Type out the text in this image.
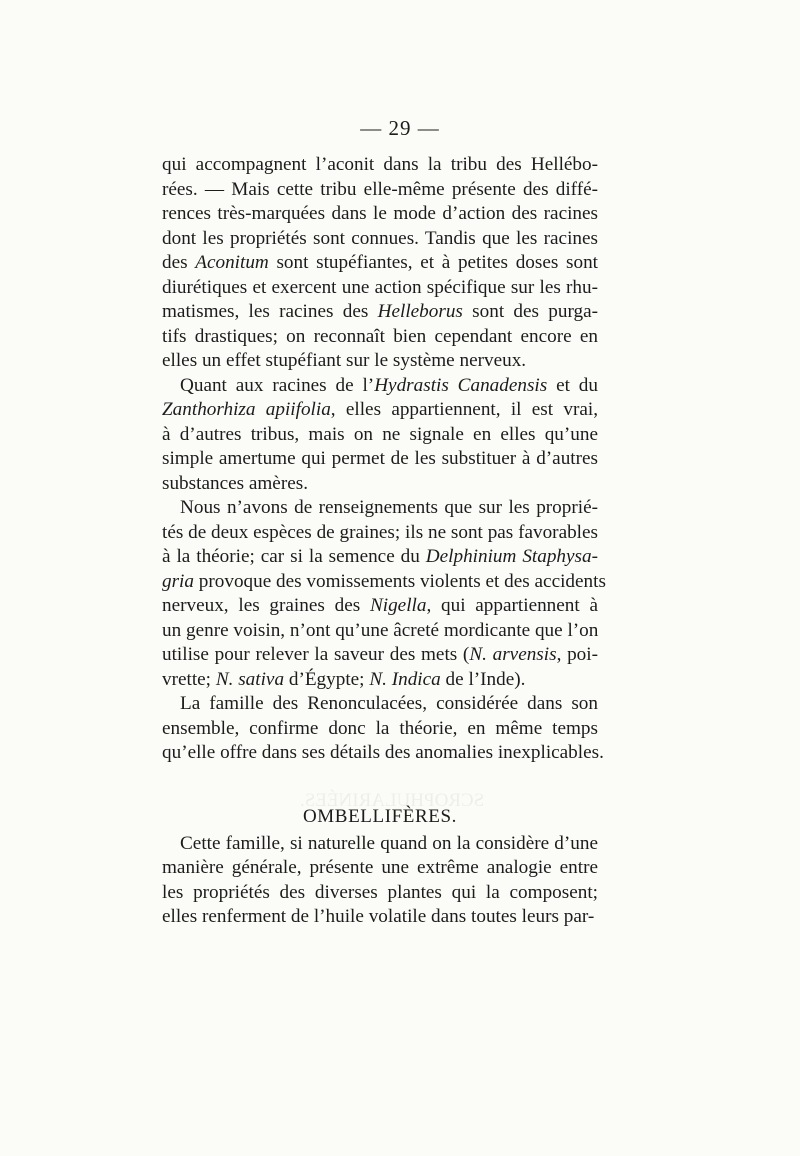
SCROPHULARINÉES.
— 29 —
qui accompagnent l’aconit dans la tribu des Hellébo-
rées. — Mais cette tribu elle-même présente des diffé-
rences très-marquées dans le mode d’action des racines
dont les propriétés sont connues. Tandis que les racines
des Aconitum sont stupéfiantes, et à petites doses sont
diurétiques et exercent une action spécifique sur les rhu-
matismes, les racines des Helleborus sont des purga-
tifs drastiques; on reconnaît bien cependant encore en
elles un effet stupéfiant sur le système nerveux.
Quant aux racines de l’Hydrastis Canadensis et du
Zanthorhiza apiifolia, elles appartiennent, il est vrai,
à d’autres tribus, mais on ne signale en elles qu’une
simple amertume qui permet de les substituer à d’autres
substances amères.
Nous n’avons de renseignements que sur les proprié-
tés de deux espèces de graines; ils ne sont pas favorables
à la théorie; car si la semence du Delphinium Staphysa-
gria provoque des vomissements violents et des accidents
nerveux, les graines des Nigella, qui appartiennent à
un genre voisin, n’ont qu’une âcreté mordicante que l’on
utilise pour relever la saveur des mets (N. arvensis, poi-
vrette; N. sativa d’Égypte; N. Indica de l’Inde).
La famille des Renonculacées, considérée dans son
ensemble, confirme donc la théorie, en même temps
qu’elle offre dans ses détails des anomalies inexplicables.
OMBELLIFÈRES.
Cette famille, si naturelle quand on la considère d’une
manière générale, présente une extrême analogie entre
les propriétés des diverses plantes qui la composent;
elles renferment de l’huile volatile dans toutes leurs par-
